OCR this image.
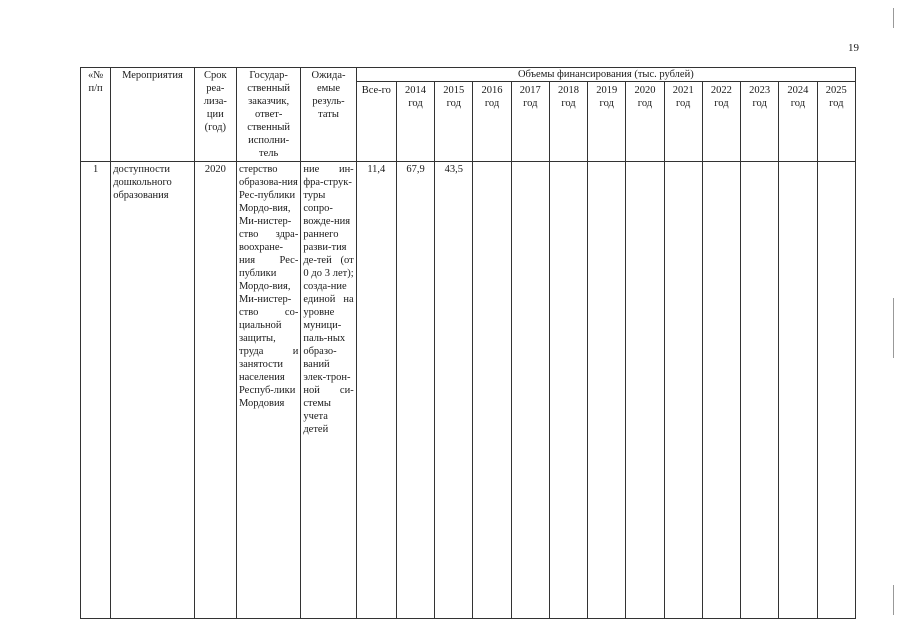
19
«№ п/п	Мероприятия	Срок реа-лиза-ции (год)	Государ-ственный заказчик, ответ-ственный исполни-тель	Ожида-емые резуль-таты	Объемы финансирования (тыс. рублей)												
					Все-го	2014 год	2015 год	2016 год	2017 год	2018 год	2019 год	2020 год	2021 год	2022 год	2023 год	2024 год	2025 год
1	доступности дошкольного образования	2020	стерство образова-ния Рес-публики Мордо-вия, Ми-нистер-ство здра-воохране-ния Рес-публики Мордо-вия, Ми-нистер-ство со-циальной защиты, труда и занятости населения Респуб-лики Мордовия	ние ин-фра-струк-туры сопро-вожде-ния раннего разви-тия де-тей (от 0 до 3 лет); созда-ние единой на уровне муници-паль-ных образо-ваний элек-трон-ной си-стемы учета детей	11,4	67,9	43,5										
